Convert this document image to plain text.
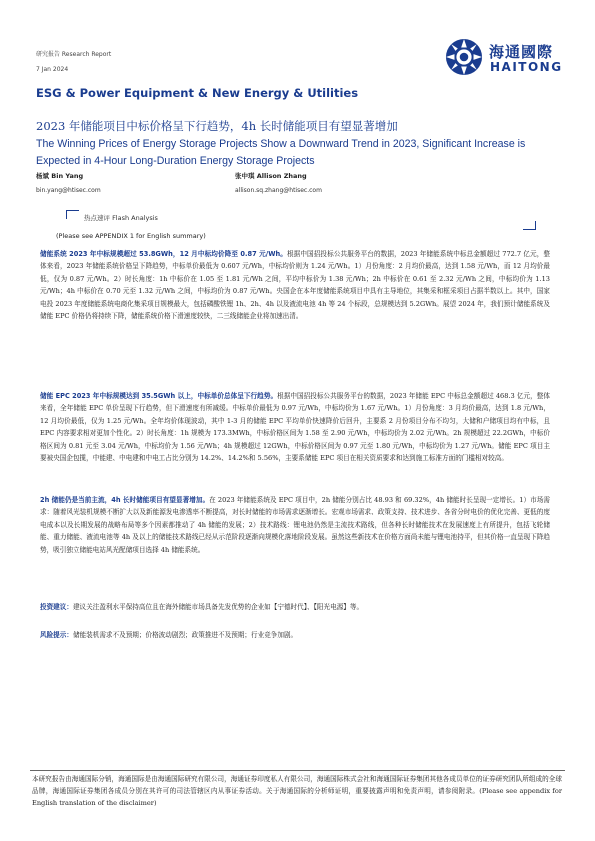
研究报告 Research Report
7 Jan 2024
海通國際
HAITONG
ESG & Power Equipment & New Energy & Utilities
2023 年储能项目中标价格呈下行趋势，4h 长时储能项目有望显著增加
The Winning Prices of Energy Storage Projects Show a Downward Trend in 2023, Significant Increase is Expected in 4-Hour Long-Duration Energy Storage Projects
杨斌 Bin Yang
bin.yang@htisec.com
张中琪 Allison Zhang
allison.sq.zhang@htisec.com
热点速评 Flash Analysis
(Please see APPENDIX 1 for English summary)
储能系统 2023 年中标规模超过 53.8GWh，12 月中标均价降至 0.87 元/Wh。根据中国招投标公共服务平台的数据，2023 年储能系统中标总金额超过 772.7 亿元，整体来看，2023 年储能系统价格呈下降趋势，中标单价最低为 0.607 元/Wh，中标均价则为 1.24 元/Wh。1）月份角度：2 月均价最高，达到 1.58 元/Wh，而 12 月均价最低，仅为 0.87 元/Wh。2）时长角度：1h 中标价在 1.05 至 1.81 元/Wh 之间，平均中标价为 1.38 元/Wh；2h 中标价在 0.61 至 2.32 元/Wh 之间，中标均价为 1.13 元/Wh；4h 中标价在 0.70 元至 1.32 元/Wh 之间，中标均价为 0.87 元/Wh。央国企在本年度储能系统项目中具有主导地位，其集采和框采项目占据半数以上。其中，国家电投 2023 年度储能系统电商化集采项目规模最大，包括磷酸铁锂 1h、2h、4h 以及液流电池 4h 等 24 个标段，总规模达到 5.2GWh。展望 2024 年，我们预计储能系统及储能 EPC 价格仍将持续下降，储能系统价格下滑速度较快，二三线储能企业将加速出清。
储能 EPC 2023 年中标规模达到 35.5GWh 以上，中标单价总体呈下行趋势。根据中国招投标公共服务平台的数据，2023 年储能 EPC 中标总金额超过 468.3 亿元，整体来看，全年储能 EPC 单价呈现下行趋势，但下滑速度有所减缓。中标单价最低为 0.97 元/Wh，中标均价为 1.67 元/Wh。1）月份角度：3 月均价最高，达到 1.8 元/Wh，12 月均价最低，仅为 1.25 元/Wh。全年均价体现波动，其中 1-3 月的储能 EPC 平均单价快速降价后回升，主要系 2 月份项目分布不均匀，大储和户储项目均有中标，且 EPC 内容要求相对更加个性化。2）时长角度：1h 规模为 173.3MWh，中标价格区间为 1.58 至 2.90 元/Wh，中标均价为 2.02 元/Wh。2h 规模超过 22.2GWh，中标价格区间为 0.81 元至 3.04 元/Wh，中标均价为 1.56 元/Wh；4h 规模超过 12GWh，中标价格区间为 0.97 元至 1.80 元/Wh，中标均价为 1.27 元/Wh。储能 EPC 项目主要被央国企包揽，中能建、中电建和中电工占比分别为 14.2%、14.2%和 5.56%，主要系储能 EPC 项目在相关资质要求和达到施工标准方面的门槛相对较高。
2h 储能仍是当前主流，4h 长时储能项目有望显著增加。在 2023 年储能系统及 EPC 项目中，2h 储能分别占比 48.93 和 69.32%，4h 储能时长呈现一定增长。1）市场需求：随着风光装机规模不断扩大以及新能源发电渗透率不断提高，对长时储能的市场需求逐渐增长。宏观市场需求、政策支持、技术进步、各省分时电价的优化完善、更低的度电成本以及长期发展的战略布局等多个因素都推动了 4h 储能的发展；2）技术路线：锂电池仍然是主流技术路线，但各种长时储能技术在发展速度上有所提升，包括飞轮储能、重力储能、液流电池等 4h 及以上的储能技术路线已经从示范阶段逐渐向规模化落地阶段发展。虽然这些新技术在价格方面尚未能与锂电池持平，但其价格一直呈现下降趋势，吸引独立储能电站风光配储项目选择 4h 储能系统。
投资建议：建议关注盈利水平保持高位且在海外储能市场具备先发优势的企业如【宁德时代】、【阳光电源】等。
风险提示：储能装机需求不及预期；价格波动剧烈；政策推进不及预期；行业竞争加剧。
本研究报告由海通国际分销，海通国际是由海通国际研究有限公司，海通证券印度私人有限公司，海通国际株式会社和海通国际证券集团其他各成员单位的证券研究团队所组成的全球品牌，海通国际证券集团各成员分别在其许可的司法管辖区内从事证券活动。关于海通国际的分析师证明，重要披露声明和免责声明，请参阅附录。(Please see appendix for English translation of the disclaimer)
